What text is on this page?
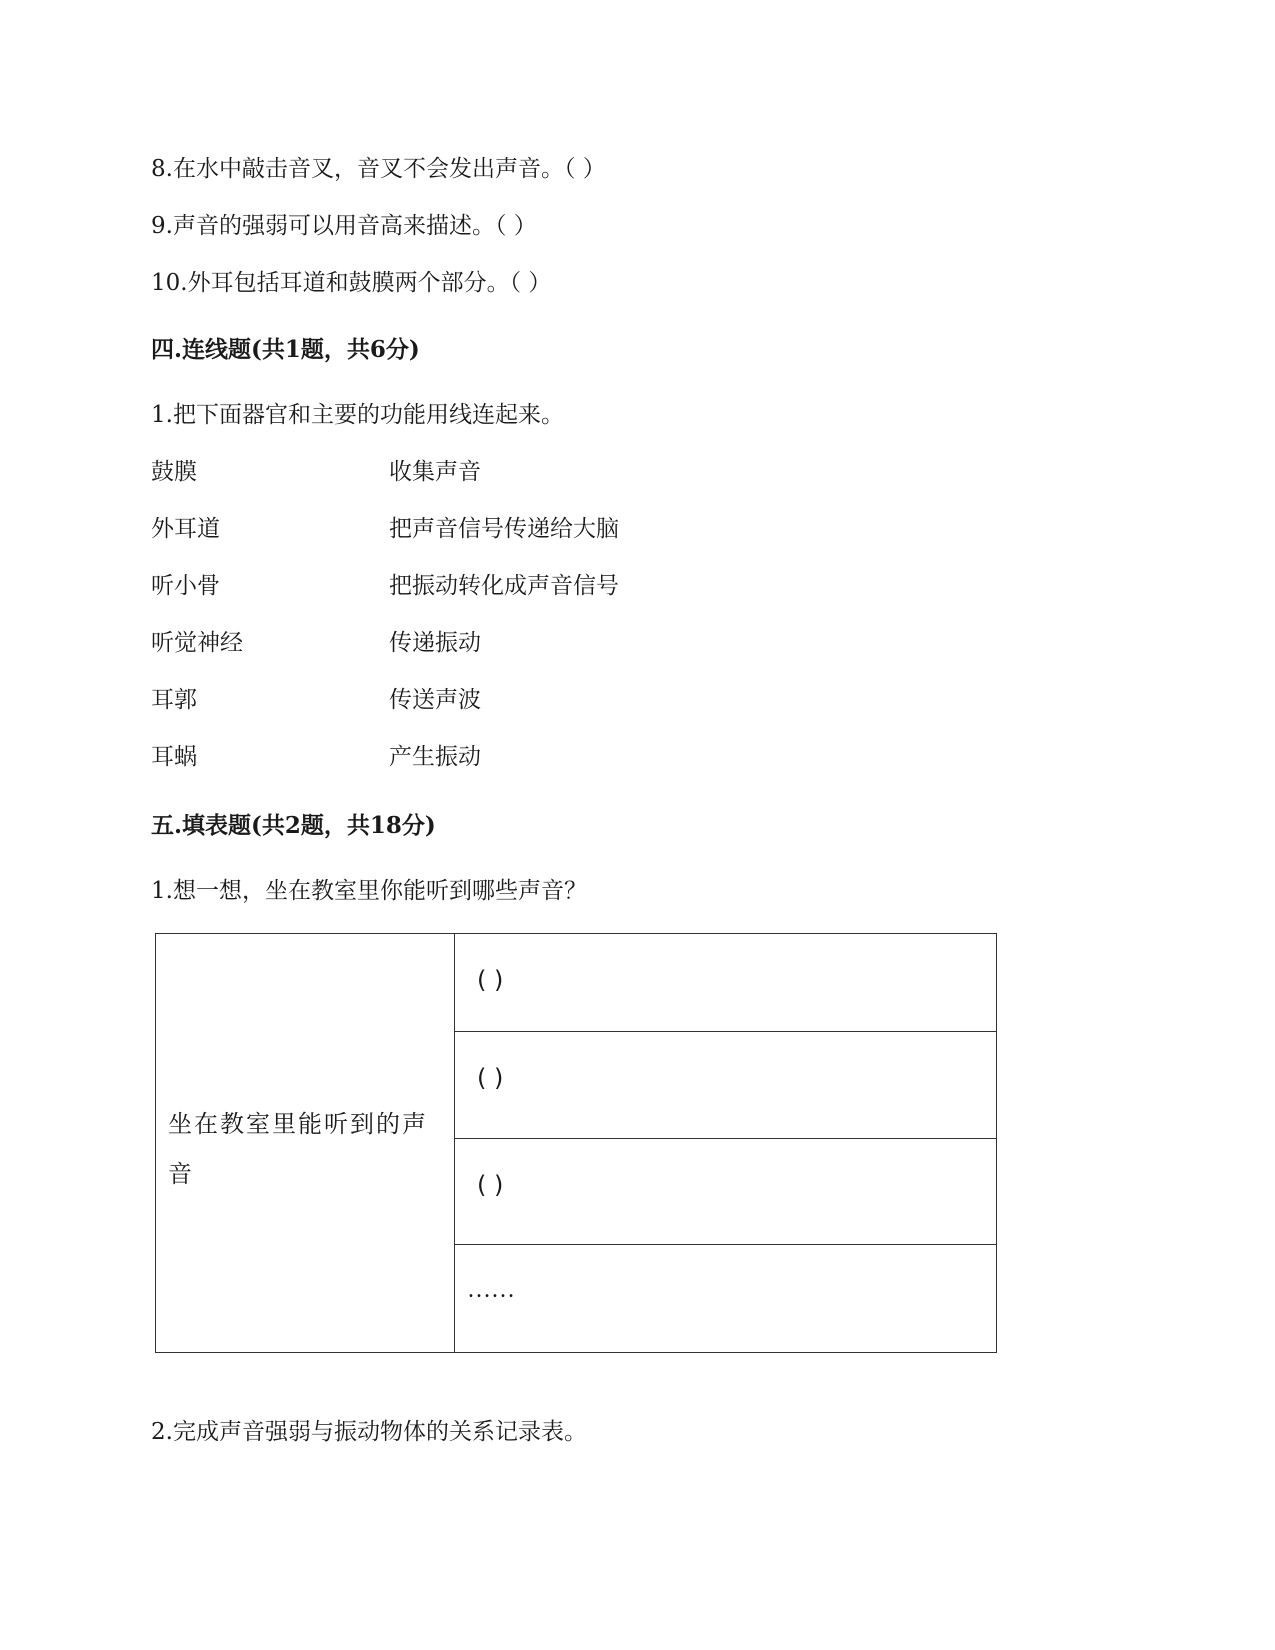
8.在水中敲击音叉，音叉不会发出声音。（ ）
9.声音的强弱可以用音高来描述。（ ）
10.外耳包括耳道和鼓膜两个部分。（ ）
四.连线题(共1题，共6分)
1.把下面器官和主要的功能用线连起来。
鼓膜
外耳道
听小骨
听觉神经
耳郭
耳蜗
收集声音
把声音信号传递给大脑
把振动转化成声音信号
传递振动
传送声波
产生振动
五.填表题(共2题，共18分)
1.想一想，坐在教室里你能听到哪些声音？
坐在教室里能听到的声音
( )
( )
( )
……
2.完成声音强弱与振动物体的关系记录表。
